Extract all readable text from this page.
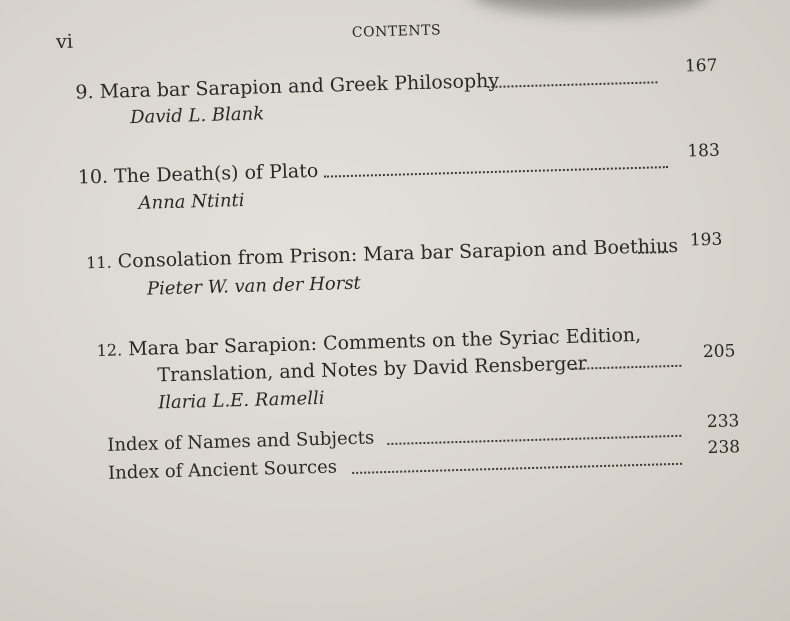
vi	CONTENTS
9. Mara bar Sarapion and Greek Philosophy
167
David L. Blank
10. The Death(s) of Plato
183
Anna Ntinti
11. Consolation from Prison: Mara bar Sarapion and Boethius 193
Pieter W. van der Horst
12. Mara bar Sarapion: Comments on the Syriac Edition,
Translation, and Notes by David Rensberger
205
Ilaria L.E. Ramelli
Index of Names and Subjects
233
Index of Ancient Sources
238
